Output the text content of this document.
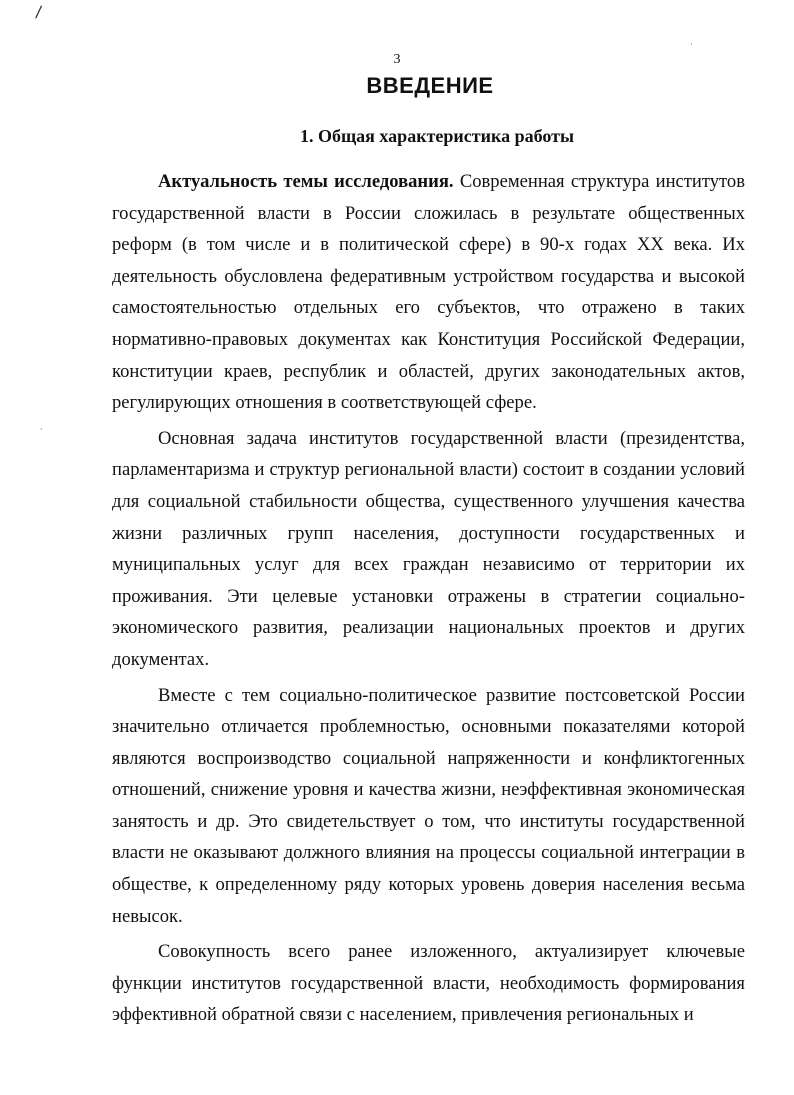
/
·
·
3
ВВЕДЕНИЕ
1. Общая характеристика работы

Актуальность темы исследования. Современная структура институтов государственной власти в России сложилась в результате общественных реформ (в том числе и в политической сфере) в 90-х годах XX века. Их деятельность обусловлена федеративным устройством государства и высокой самостоятельностью отдельных его субъектов, что отражено в таких нормативно-правовых документах как Конституция Российской Федерации, конституции краев, республик и областей, других законодательных актов, регулирующих отношения в соответствующей сфере.

Основная задача институтов государственной власти (президентства, парламентаризма и структур региональной власти) состоит в создании условий для социальной стабильности общества, существенного улучшения качества жизни различных групп населения, доступности государственных и муниципальных услуг для всех граждан независимо от территории их проживания. Эти целевые установки отражены в стратегии социально-экономического развития, реализации национальных проектов и других документах.

Вместе с тем социально-политическое развитие постсоветской России значительно отличается проблемностью, основными показателями которой являются воспроизводство социальной напряженности и конфликтогенных отношений, снижение уровня и качества жизни, неэффективная экономическая занятость и др. Это свидетельствует о том, что институты государственной власти не оказывают должного влияния на процессы социальной интеграции в обществе, к определенному ряду которых уровень доверия населения весьма невысок.

Совокупность всего ранее изложенного, актуализирует ключевые функции институтов государственной власти, необходимость формирования эффективной обратной связи с населением, привлечения региональных и
